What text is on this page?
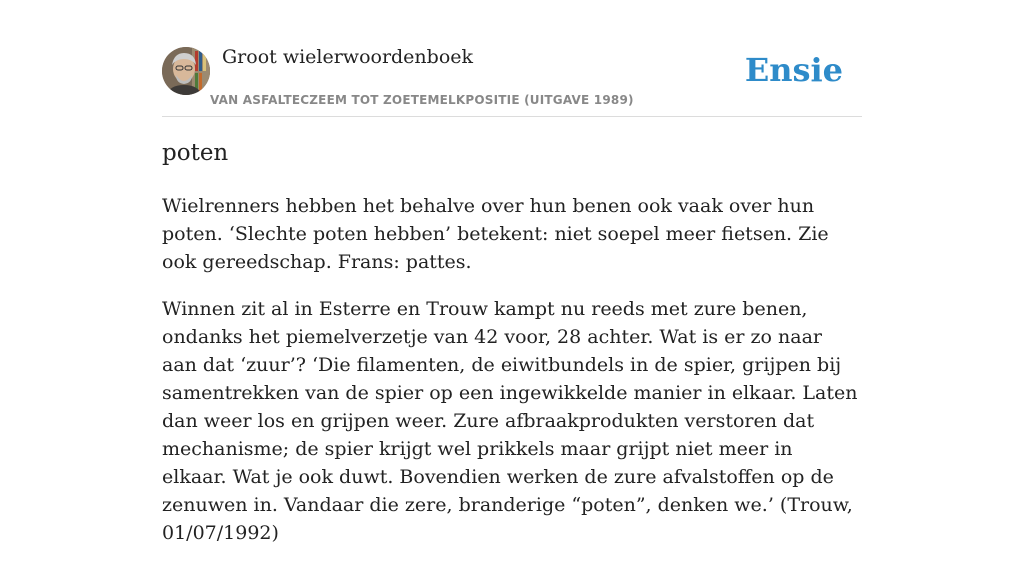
Groot wielerwoordenboek
VAN ASFALTECZEEM TOT ZOETEMELKPOSITIE (UITGAVE 1989)
Ensie
poten

Wielrenners hebben het behalve over hun benen ook vaak over hun poten. ‘Slechte poten hebben’ betekent: niet soepel meer fietsen. Zie ook gereedschap. Frans: pattes.

Winnen zit al in Esterre en Trouw kampt nu reeds met zure benen, ondanks het piemelverzetje van 42 voor, 28 achter. Wat is er zo naar aan dat ‘zuur’? ‘Die filamenten, de eiwitbundels in de spier, grijpen bij samentrekken van de spier op een ingewikkelde manier in elkaar. Laten dan weer los en grijpen weer. Zure afbraakprodukten verstoren dat mechanisme; de spier krijgt wel prikkels maar grijpt niet meer in elkaar. Wat je ook duwt. Bovendien werken de zure afvalstoffen op de zenuwen in. Vandaar die zere, branderige “poten”, denken we.’ (Trouw, 01/07/1992)
